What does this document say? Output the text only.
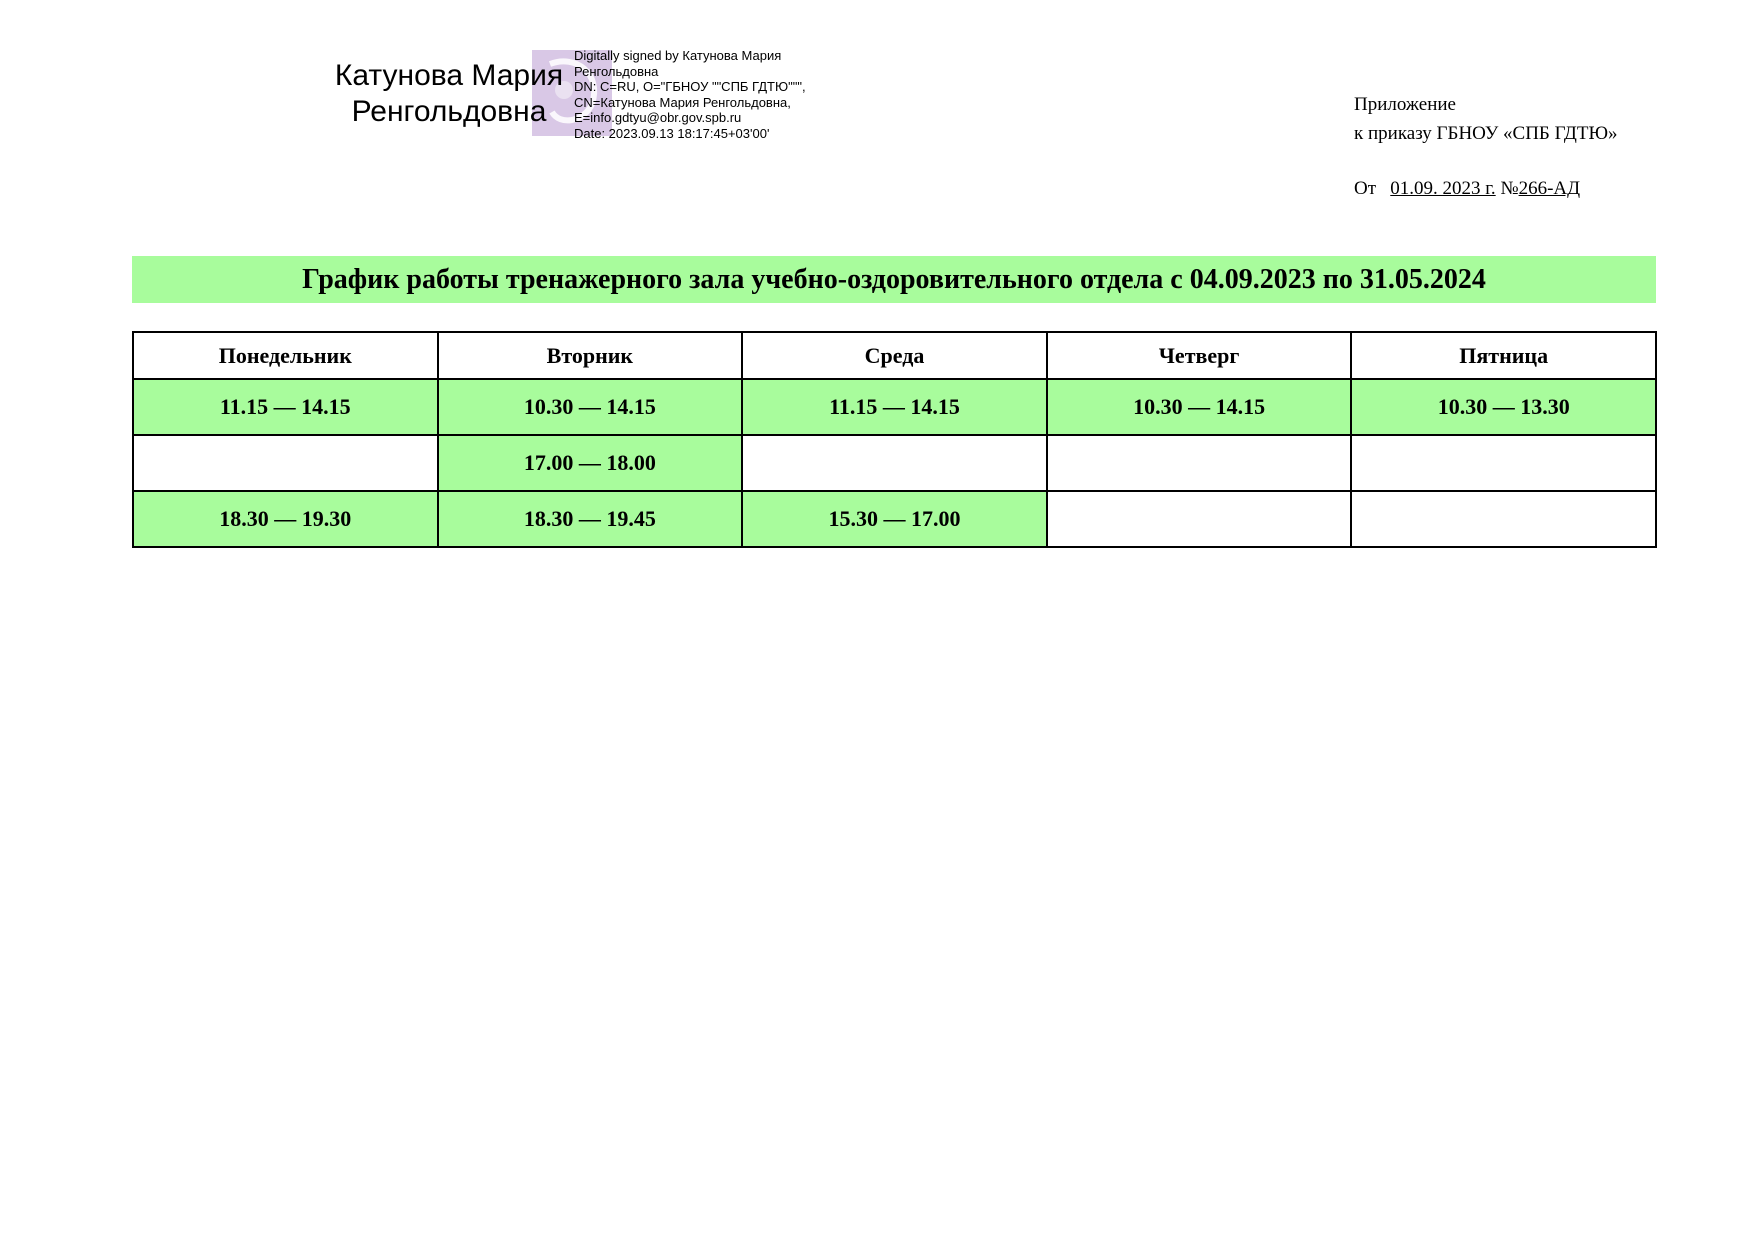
Катунова Мария
Ренгольдовна
Digitally signed by Катунова Мария
Ренгольдовна
DN: C=RU, O="ГБНОУ ""СПБ ГДТЮ""",
CN=Катунова Мария Ренгольдовна,
E=info.gdtyu@obr.gov.spb.ru
Date: 2023.09.13 18:17:45+03'00'
Приложение
к приказу ГБНОУ «СПБ ГДТЮ»
От 01.09. 2023 г. №266-АД
График работы тренажерного зала учебно-оздоровительного отдела с 04.09.2023 по 31.05.2024
Понедельник	Вторник	Среда	Четверг	Пятница
11.15 — 14.15	10.30 — 14.15	11.15 — 14.15	10.30 — 14.15	10.30 — 13.30
	17.00 — 18.00			
18.30 — 19.30	18.30 — 19.45	15.30 — 17.00		
